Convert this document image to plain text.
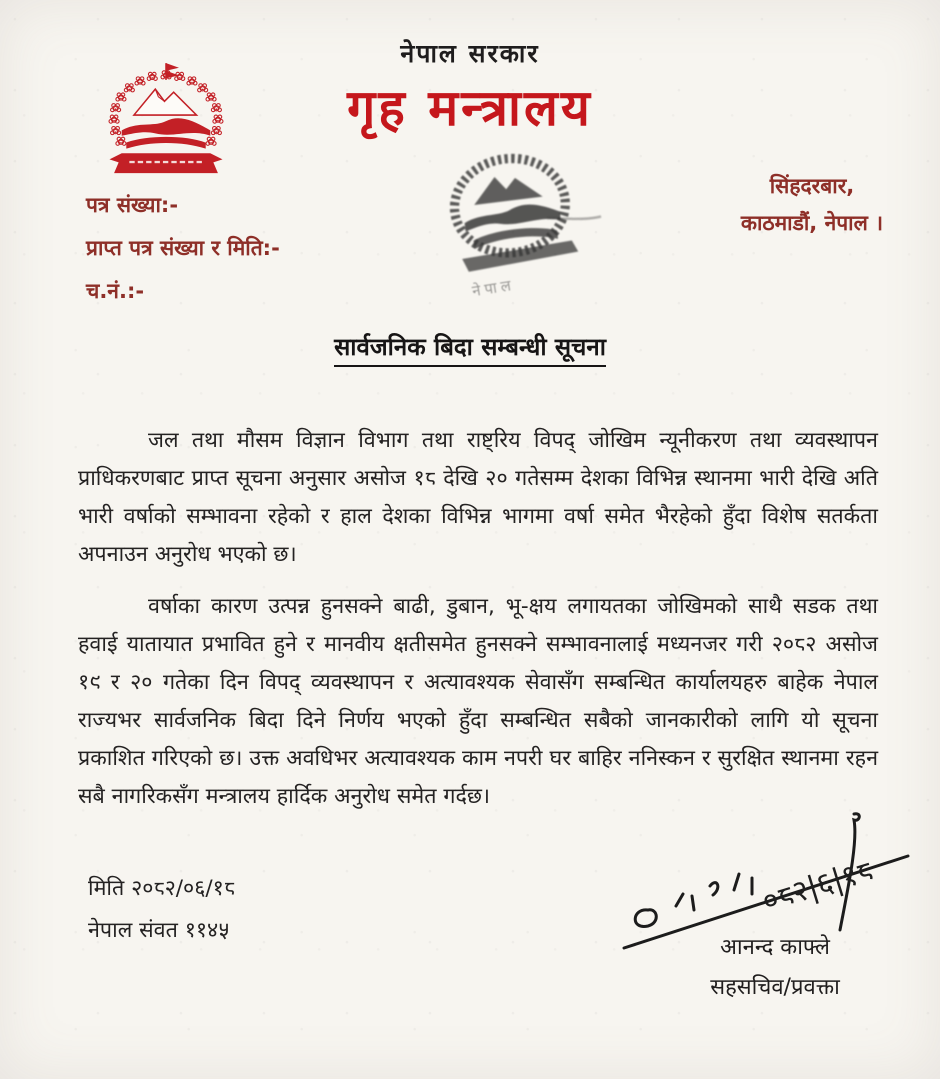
नेपाल सरकार
गृह मन्त्रालय
नेपाल
पत्र संख्या:-
प्राप्त पत्र संख्या र मिति:-
च.नं.:-
सिंहदरबार,
काठमाडौं, नेपाल ।
सार्वजनिक बिदा सम्बन्धी सूचना

जल तथा मौसम विज्ञान विभाग तथा राष्ट्रिय विपद् जोखिम न्यूनीकरण तथा व्यवस्थापन प्राधिकरणबाट प्राप्त सूचना अनुसार असोज १८ देखि २० गतेसम्म देशका विभिन्न स्थानमा भारी देखि अति भारी वर्षाको सम्भावना रहेको र हाल देशका विभिन्न भागमा वर्षा समेत भैरहेको हुँदा विशेष सतर्कता अपनाउन अनुरोध भएको छ।

वर्षाका कारण उत्पन्न हुनसक्ने बाढी, डुबान, भू-क्षय लगायतका जोखिमको साथै सडक तथा हवाई यातायात प्रभावित हुने र मानवीय क्षतीसमेत हुनसक्ने सम्भावनालाई मध्यनजर गरी २०८२ असोज १९ र २० गतेका दिन विपद् व्यवस्थापन र अत्यावश्यक सेवासँग सम्बन्धित कार्यालयहरु बाहेक नेपाल राज्यभर सार्वजनिक बिदा दिने निर्णय भएको हुँदा सम्बन्धित सबैको जानकारीको लागि यो सूचना प्रकाशित गरिएको छ। उक्त अवधिभर अत्यावश्यक काम नपरी घर बाहिर ननिस्कन र सुरक्षित स्थानमा रहन सबै नागरिकसँग मन्त्रालय हार्दिक अनुरोध समेत गर्दछ।

मिति २०८२/०६/१८
नेपाल संवत ११४५
०८२|६|१८
आनन्द काफ्ले
सहसचिव/प्रवक्ता
